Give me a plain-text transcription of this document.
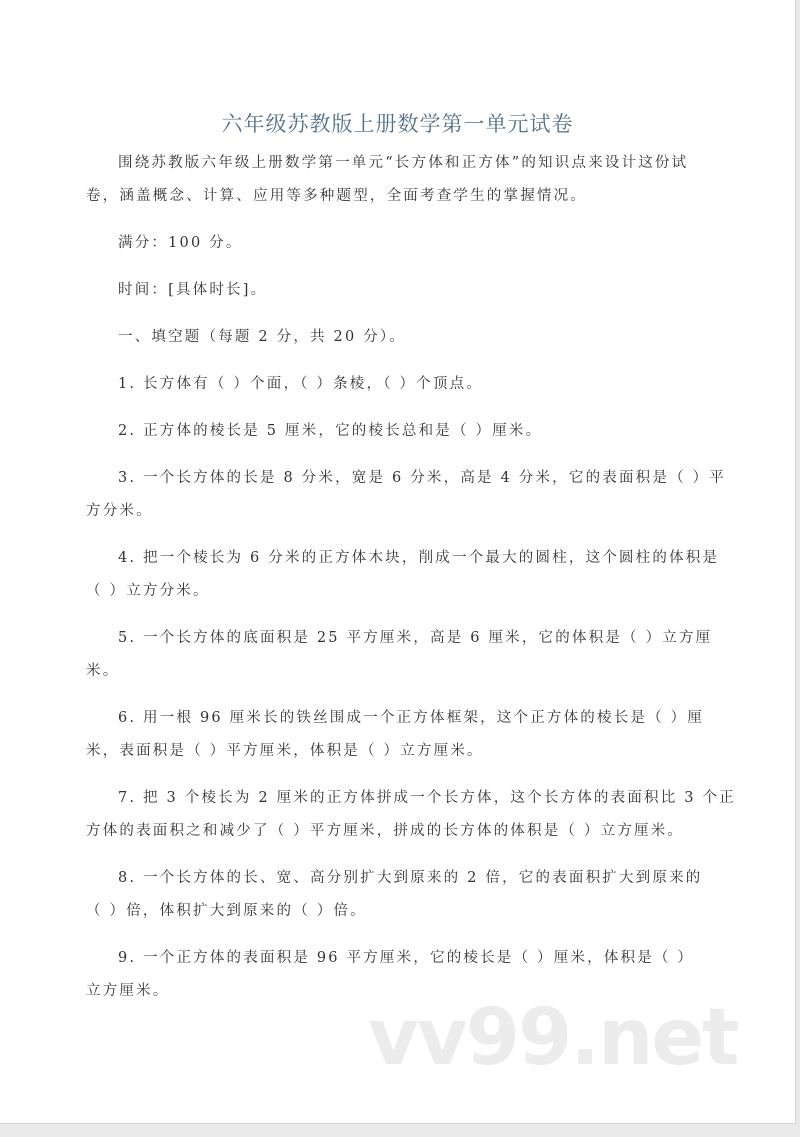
六年级苏教版上册数学第一单元试卷
围绕苏教版六年级上册数学第一单元“长方体和正方体”的知识点来设计这份试
卷，涵盖概念、计算、应用等多种题型，全面考查学生的掌握情况。
满分：100 分。
时间：[具体时长]。
一、填空题（每题 2 分，共 20 分）。
1. 长方体有（ ）个面，（ ）条棱，（ ）个顶点。
2. 正方体的棱长是 5 厘米，它的棱长总和是（ ）厘米。
3. 一个长方体的长是 8 分米，宽是 6 分米，高是 4 分米，它的表面积是（ ）平
方分米。
4. 把一个棱长为 6 分米的正方体木块，削成一个最大的圆柱，这个圆柱的体积是
（ ）立方分米。
5. 一个长方体的底面积是 25 平方厘米，高是 6 厘米，它的体积是（ ）立方厘
米。
6. 用一根 96 厘米长的铁丝围成一个正方体框架，这个正方体的棱长是（ ）厘
米，表面积是（ ）平方厘米，体积是（ ）立方厘米。
7. 把 3 个棱长为 2 厘米的正方体拼成一个长方体，这个长方体的表面积比 3 个正
方体的表面积之和减少了（ ）平方厘米，拼成的长方体的体积是（ ）立方厘米。
8. 一个长方体的长、宽、高分别扩大到原来的 2 倍，它的表面积扩大到原来的
（ ）倍，体积扩大到原来的（ ）倍。
9. 一个正方体的表面积是 96 平方厘米，它的棱长是（ ）厘米，体积是（ ）
立方厘米。
vv99.net
